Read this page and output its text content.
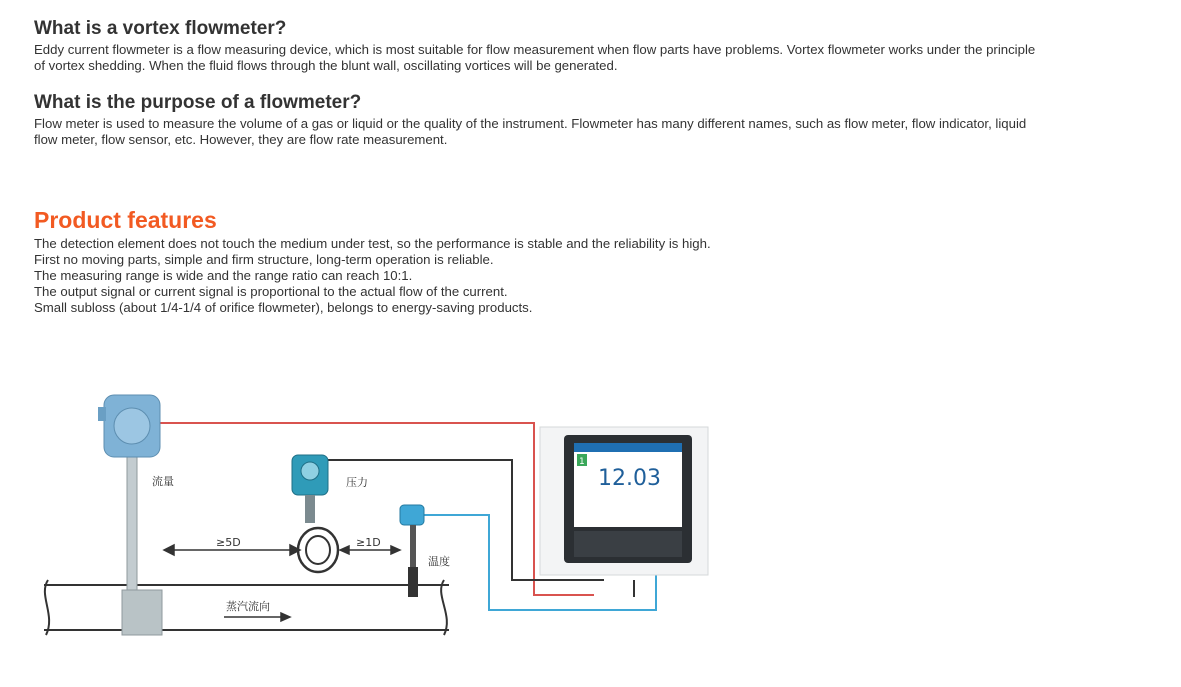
What is a vortex flowmeter?

Eddy current flowmeter is a flow measuring device, which is most suitable for flow measurement when flow parts have problems. Vortex flowmeter works under the principle of vortex shedding. When the fluid flows through the blunt wall, oscillating vortices will be generated.

What is the purpose of a flowmeter?

Flow meter is used to measure the volume of a gas or liquid or the quality of the instrument. Flowmeter has many different names, such as flow meter, flow indicator, liquid flow meter, flow sensor, etc. However, they are flow rate measurement.

Product features
The detection element does not touch the medium under test, so the performance is stable and the reliability is high.
First no moving parts, simple and firm structure, long-term operation is reliable.
The measuring range is wide and the range ratio can reach 10:1.
The output signal or current signal is proportional to the actual flow of the current.
Small subloss (about 1/4-1/4 of orifice flowmeter), belongs to energy-saving products.
流量	压力
温度
≥5D	≥1D
蒸汽流向
1
12.03
